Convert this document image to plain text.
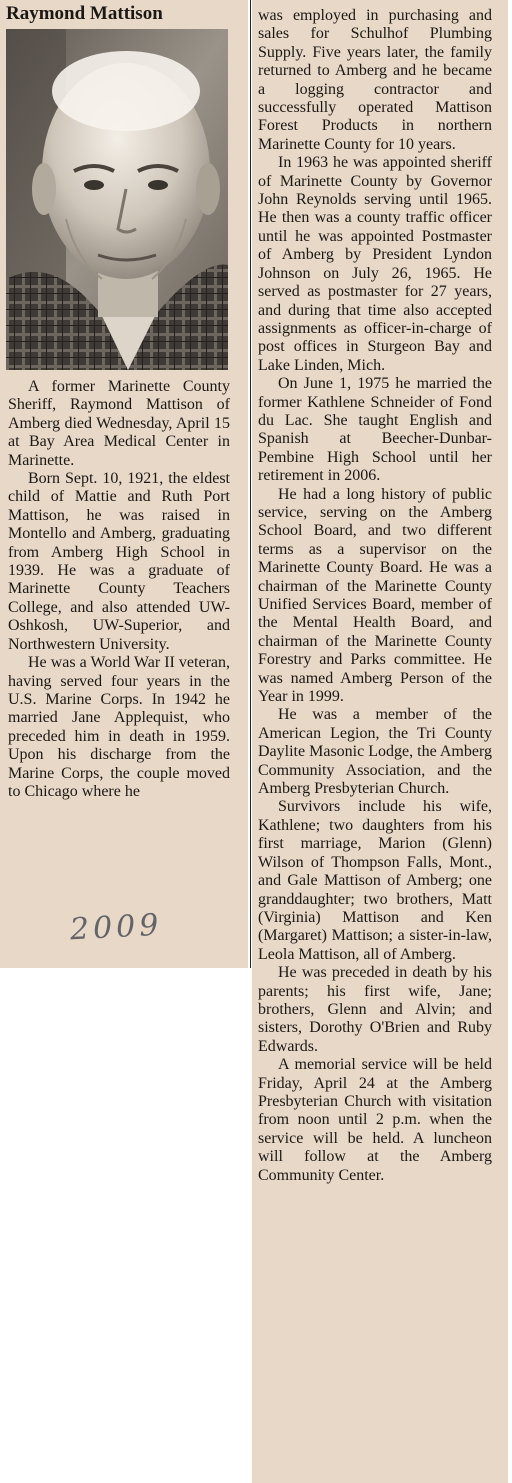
Raymond Mattison

A former Marinette County Sheriff, Raymond Mattison of Amberg died Wednesday, April 15 at Bay Area Medical Center in Marinette.

Born Sept. 10, 1921, the eldest child of Mattie and Ruth Port Mattison, he was raised in Montello and Amberg, graduating from Amberg High School in 1939. He was a graduate of Marinette County Teachers College, and also attended UW-Oshkosh, UW-Superior, and Northwestern University.

He was a World War II veteran, having served four years in the U.S. Marine Corps. In 1942 he married Jane Applequist, who preceded him in death in 1959. Upon his discharge from the Marine Corps, the couple moved to Chicago where he

2009

was employed in purchasing and sales for Schulhof Plumbing Supply. Five years later, the family returned to Amberg and he became a logging contractor and successfully operated Mattison Forest Products in northern Marinette County for 10 years.

In 1963 he was appointed sheriff of Marinette County by Governor John Reynolds serving until 1965. He then was a county traffic officer until he was appointed Postmaster of Amberg by President Lyndon Johnson on July 26, 1965. He served as postmaster for 27 years, and during that time also accepted assignments as officer-in-charge of post offices in Sturgeon Bay and Lake Linden, Mich.

On June 1, 1975 he married the former Kathlene Schneider of Fond du Lac. She taught English and Spanish at Beecher-Dunbar-Pembine High School until her retirement in 2006.

He had a long history of public service, serving on the Amberg School Board, and two different terms as a supervisor on the Marinette County Board. He was a chairman of the Marinette County Unified Services Board, member of the Mental Health Board, and chairman of the Marinette County Forestry and Parks committee. He was named Amberg Person of the Year in 1999.

He was a member of the American Legion, the Tri County Daylite Masonic Lodge, the Amberg Community Association, and the Amberg Presbyterian Church.

Survivors include his wife, Kathlene; two daughters from his first marriage, Marion (Glenn) Wilson of Thompson Falls, Mont., and Gale Mattison of Amberg; one granddaughter; two brothers, Matt (Virginia) Mattison and Ken (Margaret) Mattison; a sister-in-law, Leola Mattison, all of Amberg.

He was preceded in death by his parents; his first wife, Jane; brothers, Glenn and Alvin; and sisters, Dorothy O'Brien and Ruby Edwards.

A memorial service will be held Friday, April 24 at the Amberg Presbyterian Church with visitation from noon until 2 p.m. when the service will be held. A luncheon will follow at the Amberg Community Center.
